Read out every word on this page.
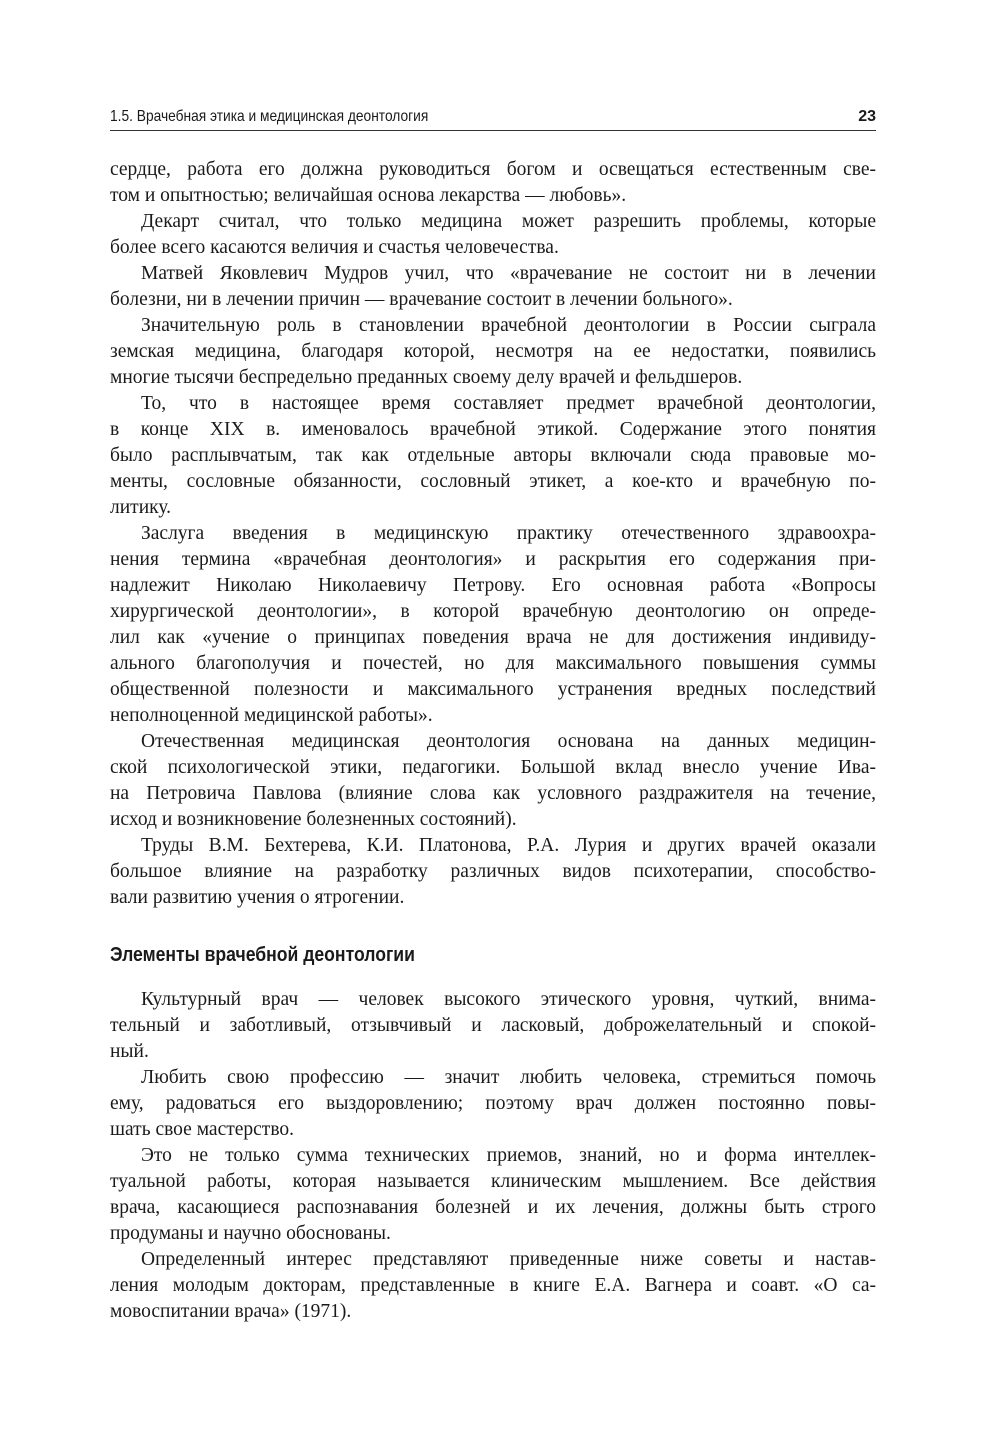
1.5. Врачебная этика и медицинская деонтология	23
сердце, работа его должна руководиться богом и освещаться естественным све-
том и опытностью; величайшая основа лекарства — любовь».
Декарт считал, что только медицина может разрешить проблемы, которые
более всего касаются величия и счастья человечества.
Матвей Яковлевич Мудров учил, что «врачевание не состоит ни в лечении
болезни, ни в лечении причин — врачевание состоит в лечении больного».
Значительную роль в становлении врачебной деонтологии в России сыграла
земская медицина, благодаря которой, несмотря на ее недостатки, появились
многие тысячи беспредельно преданных своему делу врачей и фельдшеров.
То, что в настоящее время составляет предмет врачебной деонтологии,
в конце XIX в. именовалось врачебной этикой. Содержание этого понятия
было расплывчатым, так как отдельные авторы включали сюда правовые мо-
менты, сословные обязанности, сословный этикет, а кое-кто и врачебную по-
литику.
Заслуга введения в медицинскую практику отечественного здравоохра-
нения термина «врачебная деонтология» и раскрытия его содержания при-
надлежит Николаю Николаевичу Петрову. Его основная работа «Вопросы
хирургической деонтологии», в которой врачебную деонтологию он опреде-
лил как «учение о принципах поведения врача не для достижения индивиду-
ального благополучия и почестей, но для максимального повышения суммы
общественной полезности и максимального устранения вредных последствий
неполноценной медицинской работы».
Отечественная медицинская деонтология основана на данных медицин-
ской психологической этики, педагогики. Большой вклад внесло учение Ива-
на Петровича Павлова (влияние слова как условного раздражителя на течение,
исход и возникновение болезненных состояний).
Труды В.М. Бехтерева, К.И. Платонова, Р.А. Лурия и других врачей оказали
большое влияние на разработку различных видов психотерапии, способство-
вали развитию учения о ятрогении.
Элементы врачебной деонтологии
Культурный врач — человек высокого этического уровня, чуткий, внима-
тельный и заботливый, отзывчивый и ласковый, доброжелательный и спокой-
ный.
Любить свою профессию — значит любить человека, стремиться помочь
ему, радоваться его выздоровлению; поэтому врач должен постоянно повы-
шать свое мастерство.
Это не только сумма технических приемов, знаний, но и форма интеллек-
туальной работы, которая называется клиническим мышлением. Все действия
врача, касающиеся распознавания болезней и их лечения, должны быть строго
продуманы и научно обоснованы.
Определенный интерес представляют приведенные ниже советы и настав-
ления молодым докторам, представленные в книге Е.А. Вагнера и соавт. «О са-
мовоспитании врача» (1971).
